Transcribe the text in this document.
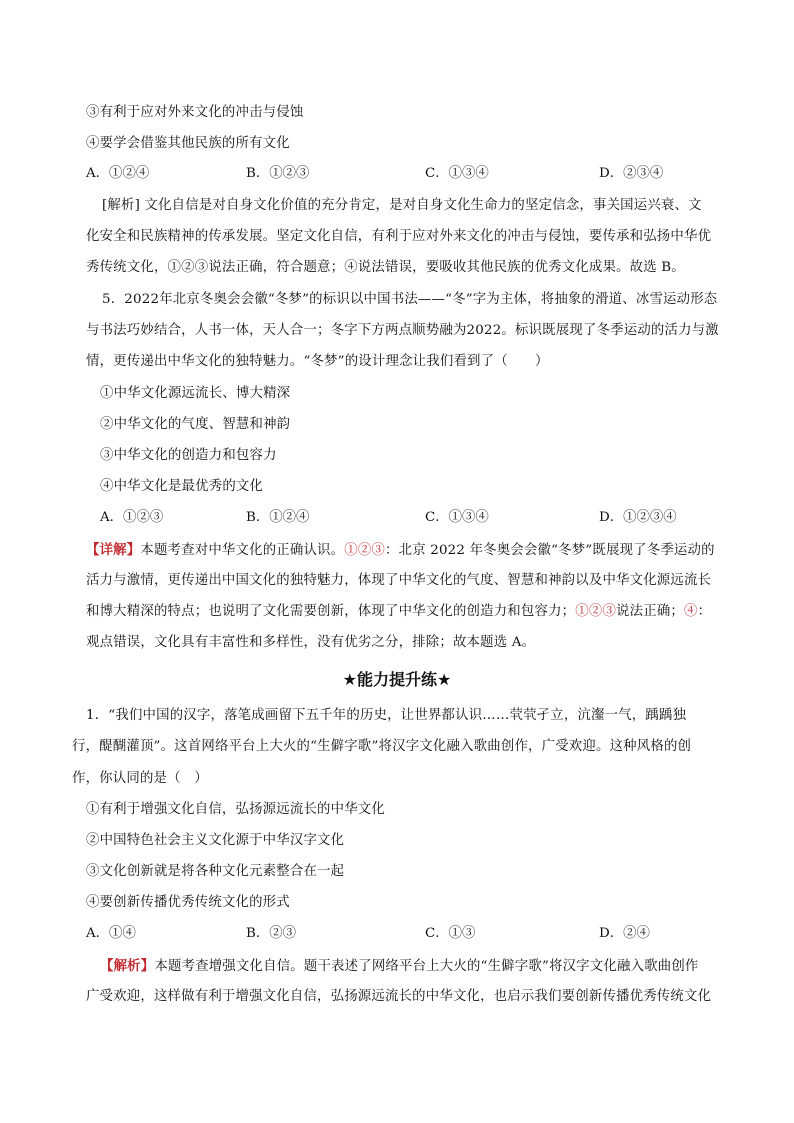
③有利于应对外来文化的冲击与侵蚀
④要学会借鉴其他民族的所有文化
A．①②④	B．①②③	C．①③④	D．②③④
[解析] 文化自信是对自身文化价值的充分肯定，是对自身文化生命力的坚定信念，事关国运兴衰、文
化安全和民族精神的传承发展。坚定文化自信，有利于应对外来文化的冲击与侵蚀，要传承和弘扬中华优
秀传统文化，①②③说法正确，符合题意；④说法错误，要吸收其他民族的优秀文化成果。故选 B。
5．2022年北京冬奥会会徽“冬梦”的标识以中国书法——“冬”字为主体，将抽象的滑道、冰雪运动形态
与书法巧妙结合，人书一体，天人合一；冬字下方两点顺势融为2022。标识既展现了冬季运动的活力与激
情，更传递出中华文化的独特魅力。“冬梦”的设计理念让我们看到了（　　）
①中华文化源远流长、博大精深
②中华文化的气度、智慧和神韵
③中华文化的创造力和包容力
④中华文化是最优秀的文化
A．①②③	B．①②④	C．①③④	D．①②③④
【详解】本题考查对中华文化的正确认识。①②③：北京 2022 年冬奥会会徽“冬梦”既展现了冬季运动的
活力与激情，更传递出中国文化的独特魅力，体现了中华文化的气度、智慧和神韵以及中华文化源远流长
和博大精深的特点；也说明了文化需要创新，体现了中华文化的创造力和包容力；①②③说法正确；④：
观点错误，文化具有丰富性和多样性，没有优劣之分，排除；故本题选 A。
★能力提升练★
1．“我们中国的汉字，落笔成画留下五千年的历史，让世界都认识……茕茕孑立，沆瀣一气，踽踽独
行，醍醐灌顶”。这首网络平台上大火的“生僻字歌”将汉字文化融入歌曲创作，广受欢迎。这种风格的创
作，你认同的是（　）
①有利于增强文化自信，弘扬源远流长的中华文化
②中国特色社会主义文化源于中华汉字文化
③文化创新就是将各种文化元素整合在一起
④要创新传播优秀传统文化的形式
A．①④	B．②③	C．①③	D．②④
【解析】本题考查增强文化自信。题干表述了网络平台上大火的“生僻字歌”将汉字文化融入歌曲创作
广受欢迎，这样做有利于增强文化自信，弘扬源远流长的中华文化，也启示我们要创新传播优秀传统文化
